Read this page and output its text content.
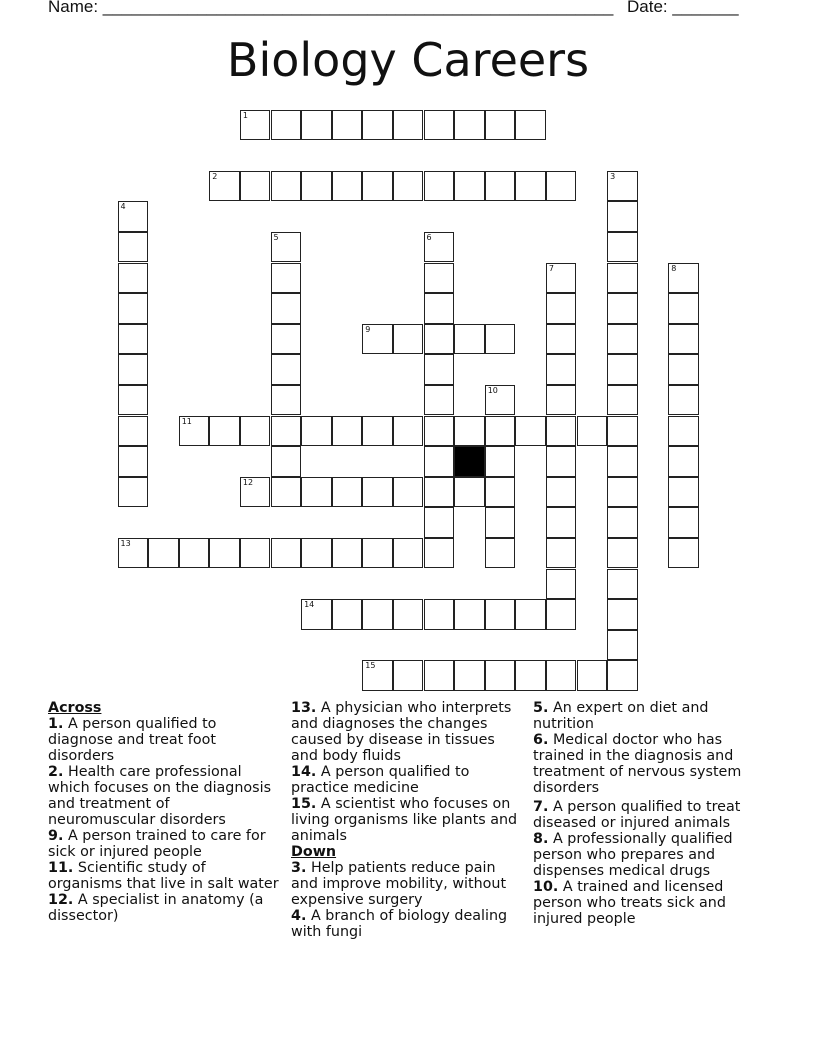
Name: ______________________________________________________ Date: _______
Biology Careers
1
2	3
4
5	6
7	8
9
10
11
12
13
14
15
Across

1. A person qualified to diagnose and treat foot disorders

2. Health care professional which focuses on the diagnosis and treatment of neuromuscular disorders

9. A person trained to care for sick or injured people

11. Scientific study of organisms that live in salt water

12. A specialist in anatomy (a dissector)

13. A physician who interprets and diagnoses the changes caused by disease in tissues and body fluids

14. A person qualified to practice medicine

15. A scientist who focuses on living organisms like plants and animals

Down

3. Help patients reduce pain and improve mobility, without expensive surgery

4. A branch of biology dealing with fungi

5. An expert on diet and nutrition

6. Medical doctor who has trained in the diagnosis and treatment of nervous system disorders

7. A person qualified to treat diseased or injured animals

8. A professionally qualified person who prepares and dispenses medical drugs

10. A trained and licensed person who treats sick and injured people
